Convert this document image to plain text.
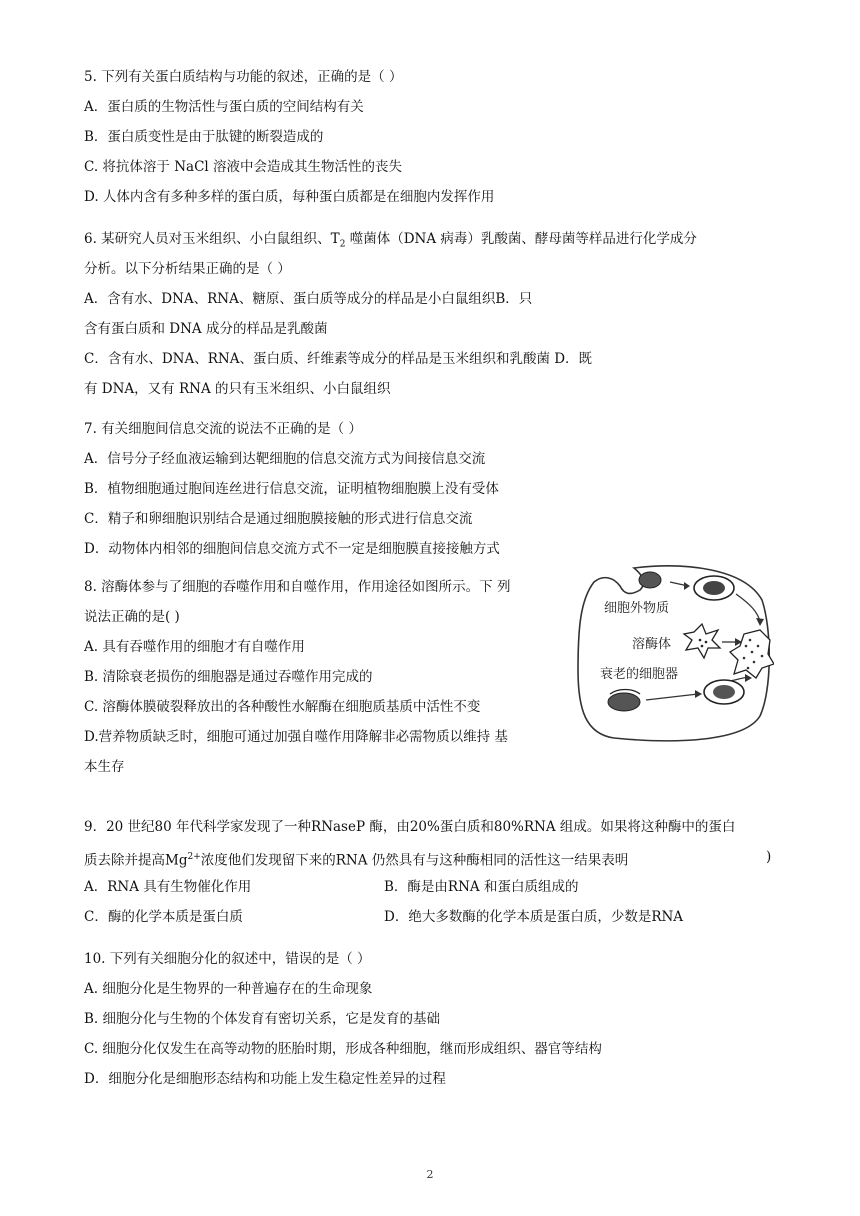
5. 下列有关蛋白质结构与功能的叙述，正确的是（ ）
A．蛋白质的生物活性与蛋白质的空间结构有关
B．蛋白质变性是由于肽键的断裂造成的
C. 将抗体溶于 NaCl 溶液中会造成其生物活性的丧失
D. 人体内含有多种多样的蛋白质，每种蛋白质都是在细胞内发挥作用
6. 某研究人员对玉米组织、小白鼠组织、$T_2$ 噬菌体（DNA 病毒）乳酸菌、酵母菌等样品进行化学成分
分析。以下分析结果正确的是（ ）
A．含有水、DNA、RNA、糖原、蛋白质等成分的样品是小白鼠组织B．只
含有蛋白质和 DNA 成分的样品是乳酸菌
C．含有水、DNA、RNA、蛋白质、纤维素等成分的样品是玉米组织和乳酸菌 D．既
有 DNA，又有 RNA 的只有玉米组织、小白鼠组织
7. 有关细胞间信息交流的说法不正确的是（ ）
A．信号分子经血液运输到达靶细胞的信息交流方式为间接信息交流
B．植物细胞通过胞间连丝进行信息交流，证明植物细胞膜上没有受体
C．精子和卵细胞识别结合是通过细胞膜接触的形式进行信息交流
D．动物体内相邻的细胞间信息交流方式不一定是细胞膜直接接触方式
8. 溶酶体参与了细胞的吞噬作用和自噬作用，作用途径如图所示。下 列
说法正确的是( )
A. 具有吞噬作用的细胞才有自噬作用
B. 清除衰老损伤的细胞器是通过吞噬作用完成的
C. 溶酶体膜破裂释放出的各种酸性水解酶在细胞质基质中活性不变
D.营养物质缺乏时，细胞可通过加强自噬作用降解非必需物质以维持 基
本生存
细胞外物质
溶酶体
衰老的细胞器
9．20 世纪80 年代科学家发现了一种RNaseP 酶，由20%蛋白质和80%RNA 组成。如果将这种酶中的蛋白
质去除并提高$Mg^{2+}$浓度他们发现留下来的RNA 仍然具有与这种酶相同的活性这一结果表明	)
A．RNA 具有生物催化作用	B．酶是由RNA 和蛋白质组成的
C．酶的化学本质是蛋白质	D．绝大多数酶的化学本质是蛋白质，少数是RNA
10. 下列有关细胞分化的叙述中，错误的是（ ）
A. 细胞分化是生物界的一种普遍存在的生命现象
B. 细胞分化与生物的个体发育有密切关系，它是发育的基础
C. 细胞分化仅发生在高等动物的胚胎时期，形成各种细胞，继而形成组织、器官等结构
D．细胞分化是细胞形态结构和功能上发生稳定性差异的过程
2
